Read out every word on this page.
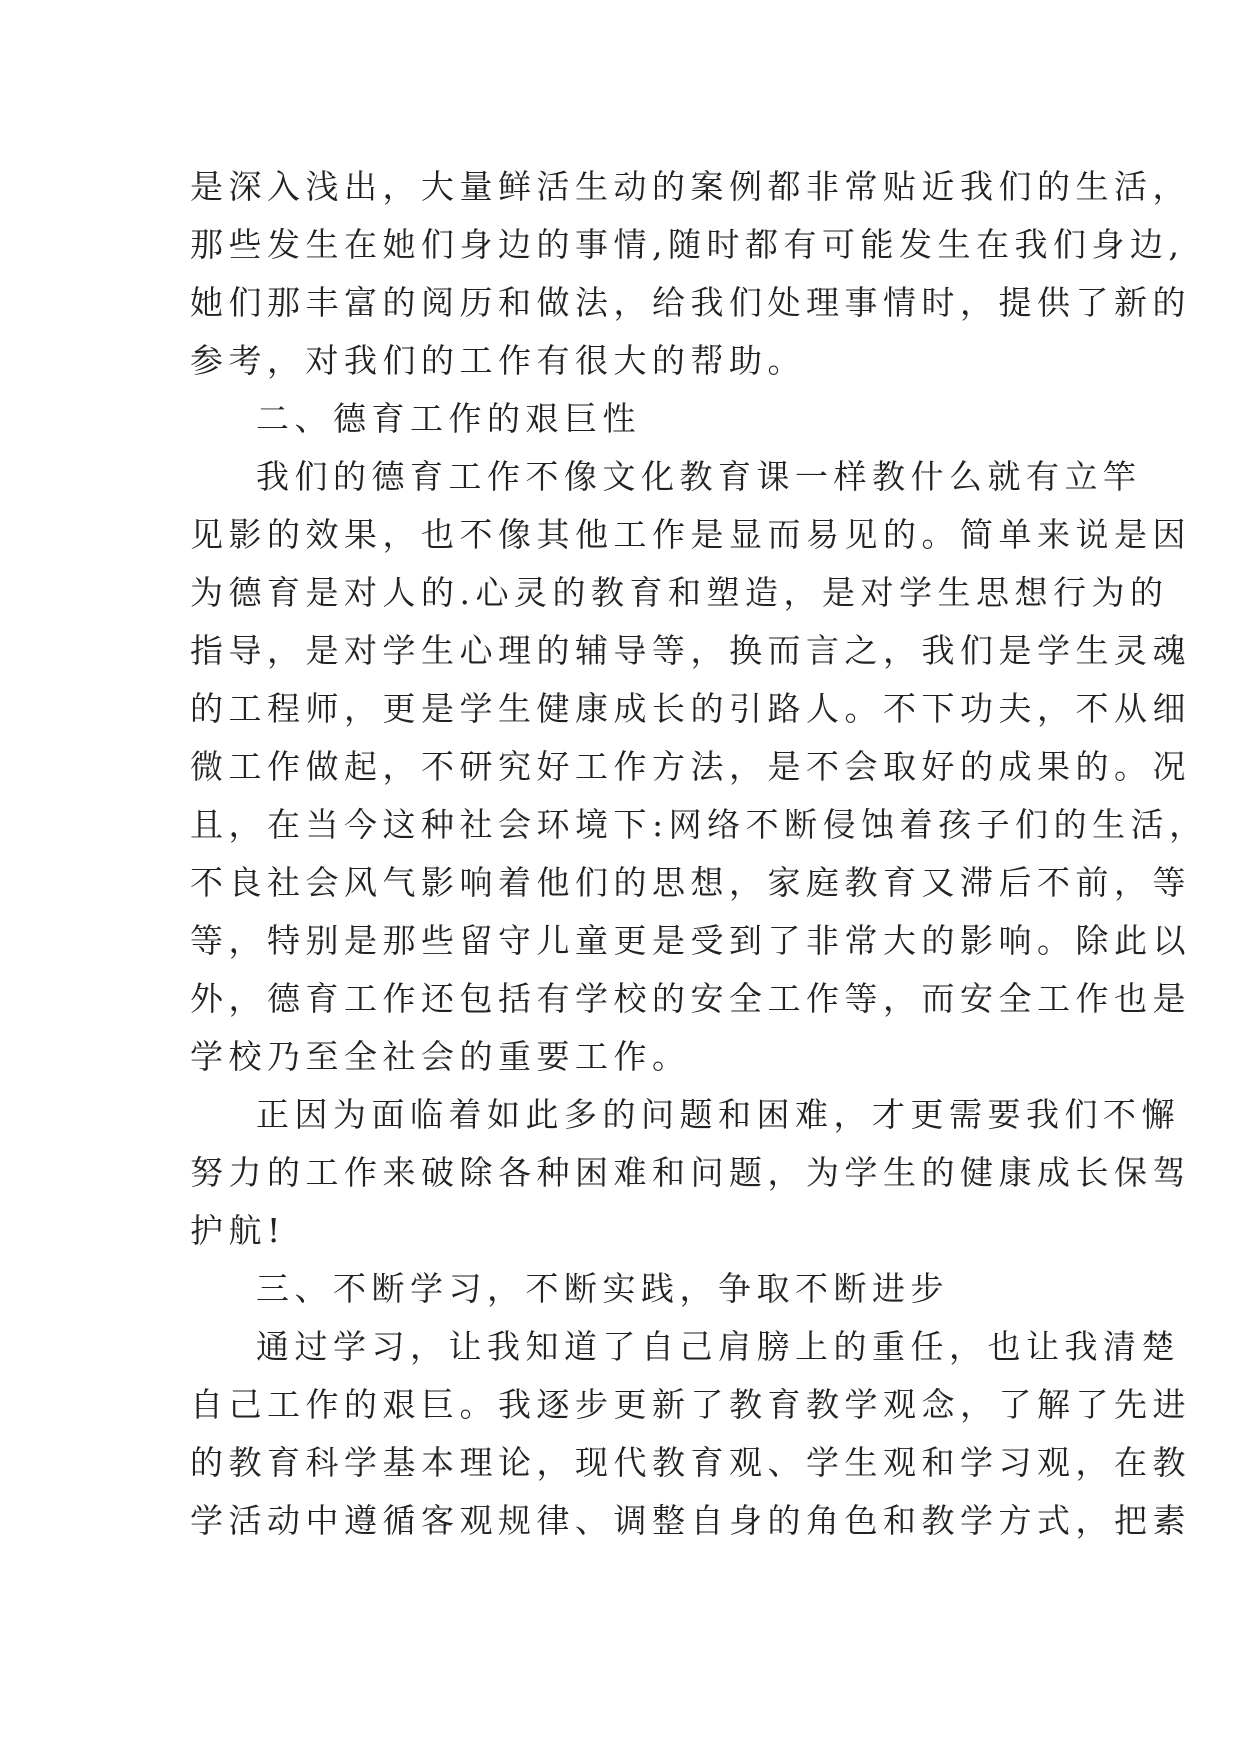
是深入浅出，大量鲜活生动的案例都非常贴近我们的生活，

那些发生在她们身边的事情,随时都有可能发生在我们身边,

她们那丰富的阅历和做法，给我们处理事情时，提供了新的

参考，对我们的工作有很大的帮助。

二、德育工作的艰巨性

我们的德育工作不像文化教育课一样教什么就有立竿

见影的效果，也不像其他工作是显而易见的。简单来说是因

为德育是对人的.心灵的教育和塑造，是对学生思想行为的

指导，是对学生心理的辅导等，换而言之，我们是学生灵魂

的工程师，更是学生健康成长的引路人。不下功夫，不从细

微工作做起，不研究好工作方法，是不会取好的成果的。况

且，在当今这种社会环境下:网络不断侵蚀着孩子们的生活，

不良社会风气影响着他们的思想，家庭教育又滞后不前，等

等，特别是那些留守儿童更是受到了非常大的影响。除此以

外，德育工作还包括有学校的安全工作等，而安全工作也是

学校乃至全社会的重要工作。

正因为面临着如此多的问题和困难，才更需要我们不懈

努力的工作来破除各种困难和问题，为学生的健康成长保驾

护航!

三、不断学习，不断实践，争取不断进步

通过学习，让我知道了自己肩膀上的重任，也让我清楚

自己工作的艰巨。我逐步更新了教育教学观念，了解了先进

的教育科学基本理论，现代教育观、学生观和学习观，在教

学活动中遵循客观规律、调整自身的角色和教学方式，把素
